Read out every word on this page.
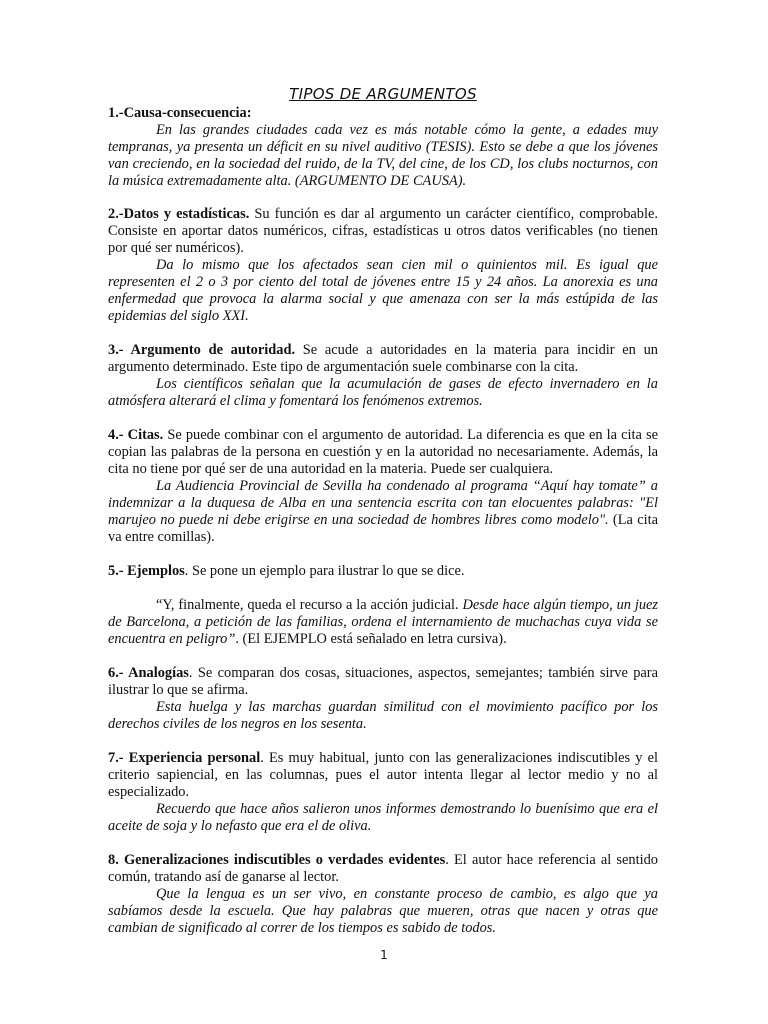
TIPOS DE ARGUMENTOS
1.-Causa-consecuencia:

En las grandes ciudades cada vez es más notable cómo la gente, a edades muy tempranas, ya presenta un déficit en su nivel auditivo (TESIS). Esto se debe a que los jóvenes van creciendo, en la sociedad del ruido, de la TV, del cine, de los CD, los clubs nocturnos, con la música extremadamente alta. (ARGUMENTO DE CAUSA).

2.-Datos y estadísticas. Su función es dar al argumento un carácter científico, comprobable. Consiste en aportar datos numéricos, cifras, estadísticas u otros datos verificables (no tienen por qué ser numéricos).

Da lo mismo que los afectados sean cien mil o quinientos mil. Es igual que representen el 2 o 3 por ciento del total de jóvenes entre 15 y 24 años. La anorexia es una enfermedad que provoca la alarma social y que amenaza con ser la más estúpida de las epidemias del siglo XXI.

3.- Argumento de autoridad. Se acude a autoridades en la materia para incidir en un argumento determinado. Este tipo de argumentación suele combinarse con la cita.

Los científicos señalan que la acumulación de gases de efecto invernadero en la atmósfera alterará el clima y fomentará los fenómenos extremos.

4.- Citas. Se puede combinar con el argumento de autoridad. La diferencia es que en la cita se copian las palabras de la persona en cuestión y en la autoridad no necesariamente. Además, la cita no tiene por qué ser de una autoridad en la materia. Puede ser cualquiera.

La Audiencia Provincial de Sevilla ha condenado al programa “Aquí hay tomate” a indemnizar a la duquesa de Alba en una sentencia escrita con tan elocuentes palabras: "El marujeo no puede ni debe erigirse en una sociedad de hombres libres como modelo". (La cita va entre comillas).

5.- Ejemplos. Se pone un ejemplo para ilustrar lo que se dice.

“Y, finalmente, queda el recurso a la acción judicial. Desde hace algún tiempo, un juez de Barcelona, a petición de las familias, ordena el internamiento de muchachas cuya vida se encuentra en peligro”. (El EJEMPLO está señalado en letra cursiva).

6.- Analogías. Se comparan dos cosas, situaciones, aspectos, semejantes; también sirve para ilustrar lo que se afirma.

Esta huelga y las marchas guardan similitud con el movimiento pacífico por los derechos civiles de los negros en los sesenta.

7.- Experiencia personal. Es muy habitual, junto con las generalizaciones indiscutibles y el criterio sapiencial, en las columnas, pues el autor intenta llegar al lector medio y no al especializado.

Recuerdo que hace años salieron unos informes demostrando lo buenísimo que era el aceite de soja y lo nefasto que era el de oliva.

8. Generalizaciones indiscutibles o verdades evidentes. El autor hace referencia al sentido común, tratando así de ganarse al lector.

Que la lengua es un ser vivo, en constante proceso de cambio, es algo que ya sabíamos desde la escuela. Que hay palabras que mueren, otras que nacen y otras que cambian de significado al correr de los tiempos es sabido de todos.

1
